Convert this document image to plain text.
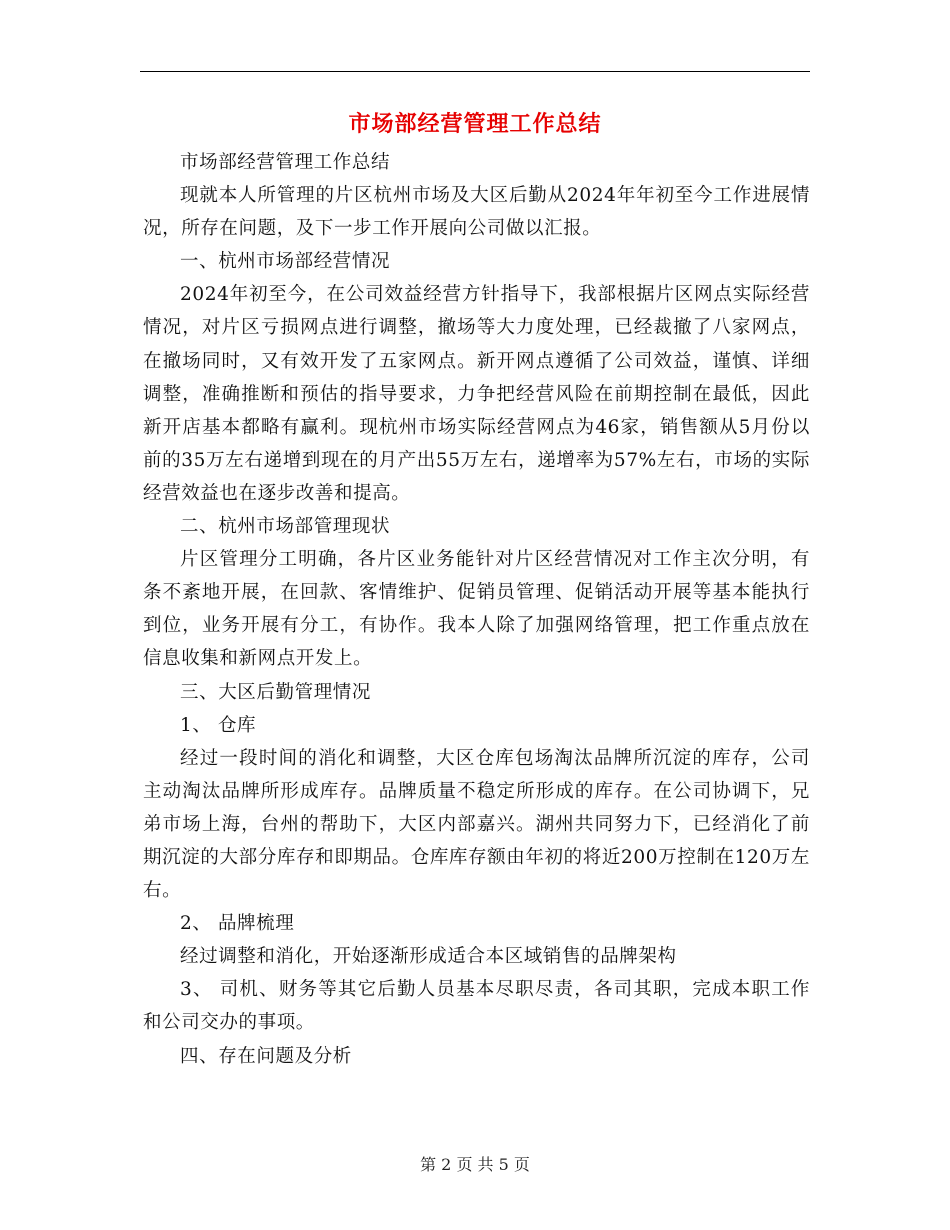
市场部经营管理工作总结

市场部经营管理工作总结

现就本人所管理的片区杭州市场及大区后勤从2024年年初至今工作进展情况，所存在问题，及下一步工作开展向公司做以汇报。

一、杭州市场部经营情况

2024年初至今，在公司效益经营方针指导下，我部根据片区网点实际经营情况，对片区亏损网点进行调整，撤场等大力度处理，已经裁撤了八家网点，在撤场同时，又有效开发了五家网点。新开网点遵循了公司效益，谨慎、详细调整，准确推断和预估的指导要求，力争把经营风险在前期控制在最低，因此新开店基本都略有赢利。现杭州市场实际经营网点为46家，销售额从5月份以前的35万左右递增到现在的月产出55万左右，递增率为57%左右，市场的实际经营效益也在逐步改善和提高。

二、杭州市场部管理现状

片区管理分工明确，各片区业务能针对片区经营情况对工作主次分明，有条不紊地开展，在回款、客情维护、促销员管理、促销活动开展等基本能执行到位，业务开展有分工，有协作。我本人除了加强网络管理，把工作重点放在信息收集和新网点开发上。

三、大区后勤管理情况

1、 仓库

经过一段时间的消化和调整，大区仓库包场淘汰品牌所沉淀的库存，公司主动淘汰品牌所形成库存。品牌质量不稳定所形成的库存。在公司协调下，兄弟市场上海，台州的帮助下，大区内部嘉兴。湖州共同努力下，已经消化了前期沉淀的大部分库存和即期品。仓库库存额由年初的将近200万控制在120万左右。

2、 品牌梳理

经过调整和消化，开始逐渐形成适合本区域销售的品牌架构

3、 司机、财务等其它后勤人员基本尽职尽责，各司其职，完成本职工作和公司交办的事项。

四、存在问题及分析

第 2 页 共 5 页
